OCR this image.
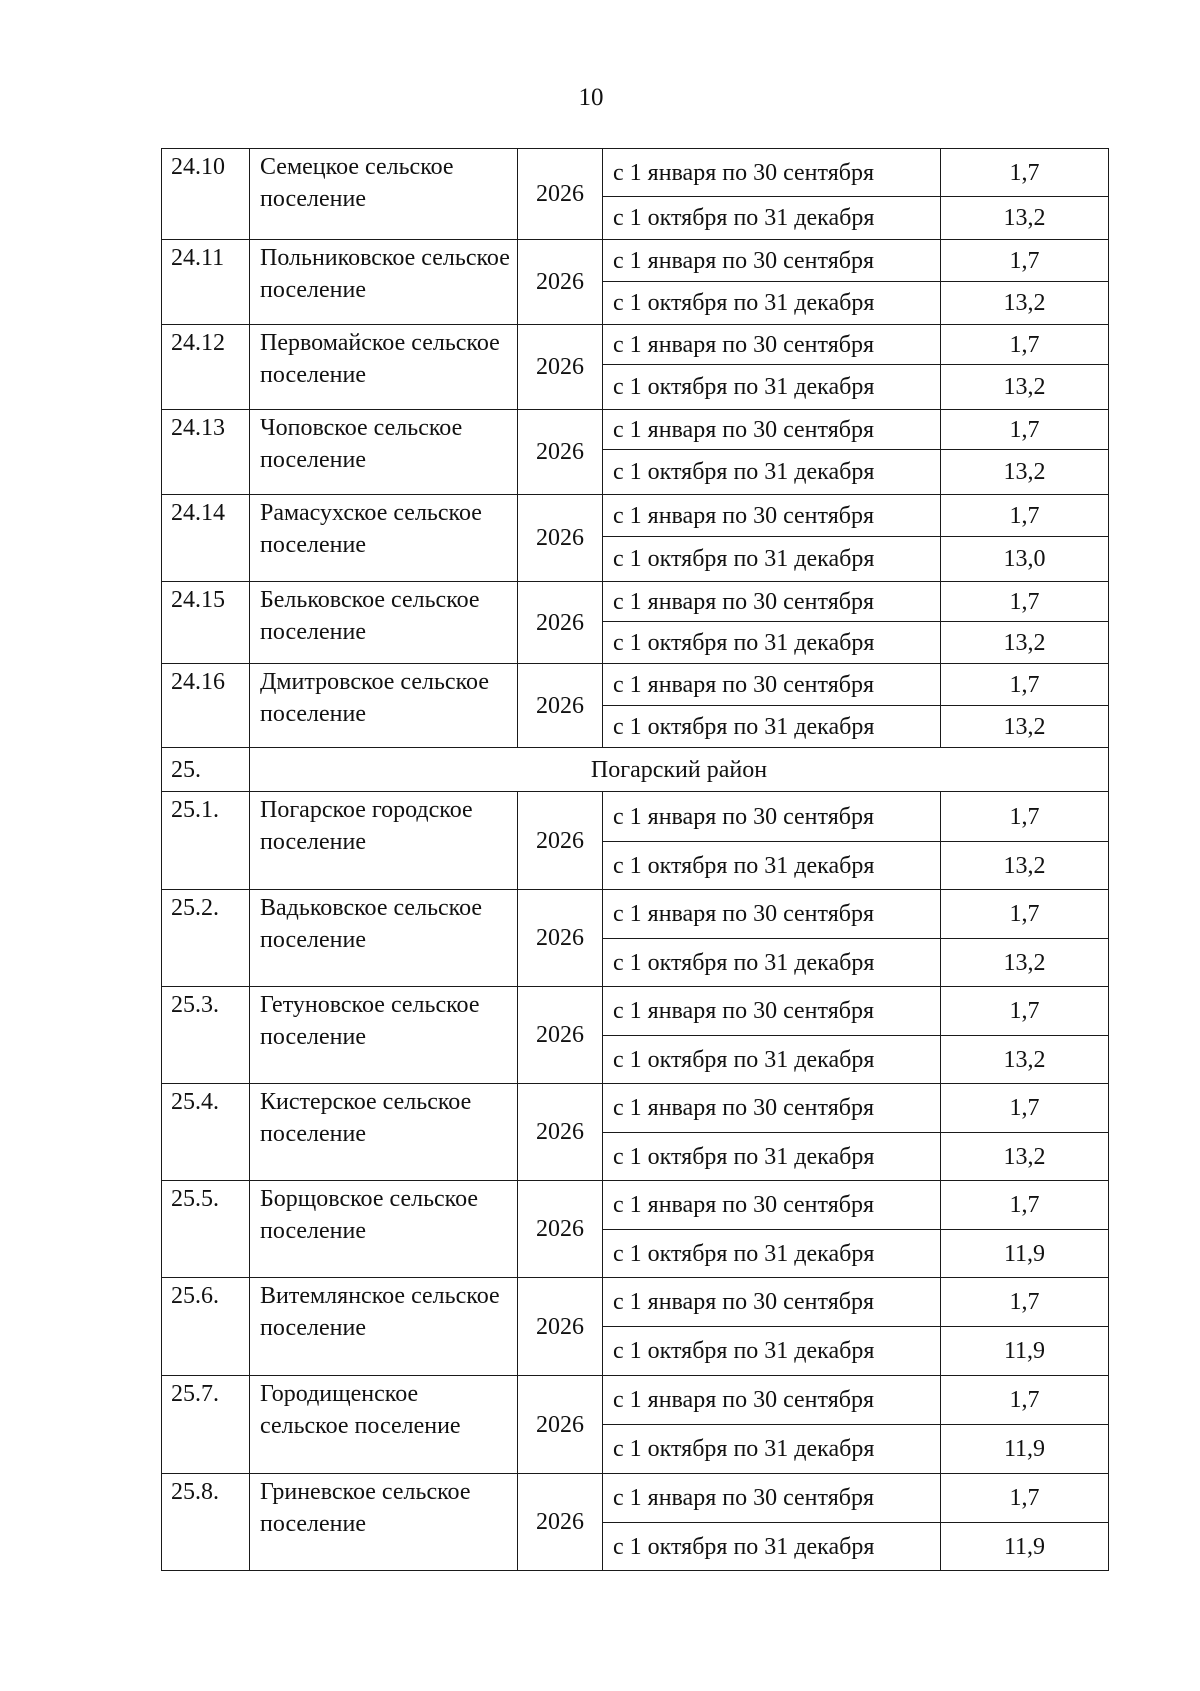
10
24.10	Семецкое сельское поселение	2026	с 1 января по 30 сентября	1,7
			с 1 октября по 31 декабря	13,2
24.11	Польниковское сельское поселение	2026	с 1 января по 30 сентября	1,7
			с 1 октября по 31 декабря	13,2
24.12	Первомайское сельское поселение	2026	с 1 января по 30 сентября	1,7
			с 1 октября по 31 декабря	13,2
24.13	Чоповское сельское поселение	2026	с 1 января по 30 сентября	1,7
			с 1 октября по 31 декабря	13,2
24.14	Рамасухское сельское поселение	2026	с 1 января по 30 сентября	1,7
			с 1 октября по 31 декабря	13,0
24.15	Бельковское сельское поселение	2026	с 1 января по 30 сентября	1,7
			с 1 октября по 31 декабря	13,2
24.16	Дмитровское сельское поселение	2026	с 1 января по 30 сентября	1,7
			с 1 октября по 31 декабря	13,2
25.	Погарский район			
25.1.	Погарское городское поселение	2026	с 1 января по 30 сентября	1,7
			с 1 октября по 31 декабря	13,2
25.2.	Вадьковское сельское поселение	2026	с 1 января по 30 сентября	1,7
			с 1 октября по 31 декабря	13,2
25.3.	Гетуновское сельское поселение	2026	с 1 января по 30 сентября	1,7
			с 1 октября по 31 декабря	13,2
25.4.	Кистерское сельское поселение	2026	с 1 января по 30 сентября	1,7
			с 1 октября по 31 декабря	13,2
25.5.	Борщовское сельское поселение	2026	с 1 января по 30 сентября	1,7
			с 1 октября по 31 декабря	11,9
25.6.	Витемлянское сельское поселение	2026	с 1 января по 30 сентября	1,7
			с 1 октября по 31 декабря	11,9
25.7.	Городищенское сельское поселение	2026	с 1 января по 30 сентября	1,7
			с 1 октября по 31 декабря	11,9
25.8.	Гриневское сельское поселение	2026	с 1 января по 30 сентября	1,7
			с 1 октября по 31 декабря	11,9
